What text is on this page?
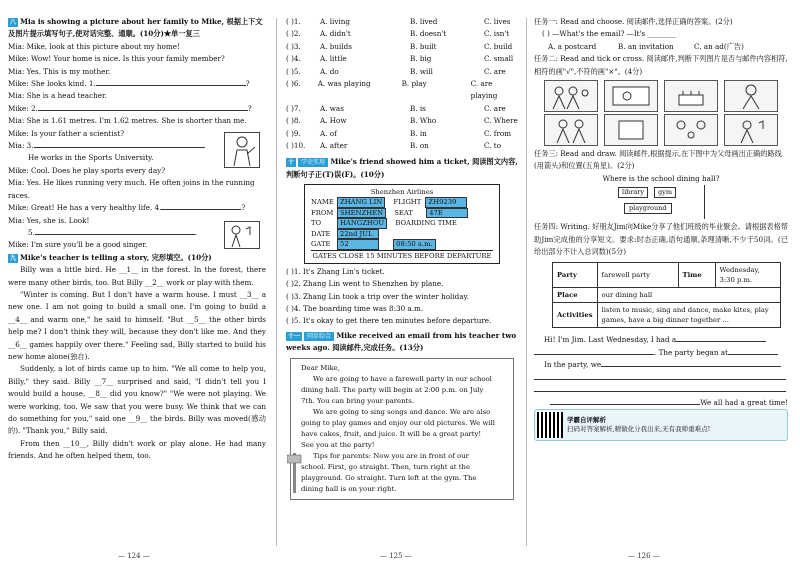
八 Mia is showing a picture about her family to Mike, 根据上下文及图片提示填写句子,使对话完整、通顺。(10分)★单一复三
Mia: Mike, look at this picture about my home!
Mike: Wow! Your home is nice. Is this your family member?
Mia: Yes. This is my mother.
Mike: She looks kind. 1.	?
Mia: She is a head teacher.
Mike: 2.	?
Mia: She is 1.61 metres. I'm 1.62 metres. She is shorter than me.
Mike: Is your father a scientist?
Mia: 3.	.
He works in the Sports University.
Mike: Cool. Does he play sports every day?
Mia: Yes. He likes running very much. He often joins in the running races.
Mike: Great! He has a very healthy life. 4.	?
Mia: Yes, she is. Look!
5.	.
Mike: I'm sure you'll be a good singer.
九 Mike's teacher is telling a story, 完形填空。(10分)
Billy was a little bird. He __1__ in the forest. In the forest, there were many other birds, too. But Billy __2__ work or play with them.
"Winter is coming. But I don't have a warm house. I must __3__ a new one. I am not going to build a small one. I'm going to build a __4__ and warm one," he said to himself. "But __5__ the other birds help me? I don't think they will, because they don't like me. And they __6__ games happily over there." Feeling sad, Billy started to build his new home alone(独自).
Suddenly, a lot of birds came up to him. "We all come to help you, Billy," they said. Billy __7__ surprised and said, "I didn't tell you I would build a house, __8__ did you know?" "We were not playing. We were working, too. We saw that you were busy. We think that we can do something for you," said one __9__ the birds. Billy was moved(感动的). "Thank you," Billy said.
From then __10__, Billy didn't work or play alone. He had many friends. And he often helped them, too.
— 124 —
( )1.	A. living	B. lived	C. lives
( )2.	A. didn't	B. doesn't	C. isn't
( )3.	A. builds	B. built	C. build
( )4.	A. little	B. big	C. small
( )5.	A. do	B. will	C. are
( )6.	A. was playing	B. play	C. are playing
( )7.	A. was	B. is	C. are
( )8.	A. How	B. Who	C. Where
( )9.	A. of	B. in	C. from
( )10.	A. after	B. on	C. to
十 学史实用 Mike's friend showed him a ticket, 阅读图文内容,判断句子正(T)误(F)。(10分)
Shenzhen Airlines
NAME ZHANG LIN FLIGHT ZH9239
FROM SHENZHEN SEAT 47E
TO	HANGZHOU BOARDING TIME
DATE 22nd JUL
GATE 52	08:50 a.m.
GATES CLOSE 15 MINUTES BEFORE DEPARTURE
( )1. It's Zhang Lin's ticket.
( )2. Zhang Lin went to Shenzhen by plane.
( )3. Zhang Lin took a trip over the winter holiday.
( )4. The boarding time was 8:30 a.m.
( )5. It's okay to get there ten minutes before departure.
十一 同步综合 Mike received an email from his teacher two weeks ago. 阅读邮件,完成任务。(13分)
Dear Mike,
We are going to have a farewell party in our school dining hall. The party will begin at 2:00 p.m. on July 7th. You can bring your parents.
We are going to sing songs and dance. We are also going to play games and enjoy our old pictures. We will have cakes, fruit, and juice. It will be a great party! See you at the party!
Tips for parents: Now you are in front of our school. First, go straight. Then, turn right at the playground. Go straight. Turn left at the gym. The dining hall is on your right.
— 125 —
任务一: Read and choose. 阅读邮件,选择正确的答案。(2分)
( ) —What's the email? —It's ________
A. a postcard	B. an invitation	C. an ad(广告)
任务二: Read and tick or cross. 阅读邮件,判断下列图片是否与邮件内容相符,相符的画"√",不符的画"×"。(4分)
任务三: Read and draw. 阅读邮件,根据提示,在下图中为父母画出正确的路线(用箭头)和位置(五角星)。(2分)
Where is the school dining hall?
library	gym
playground
任务四: Writing. 好朋友Jim向Mike分享了他们班级的毕业聚会。请根据表格帮助Jim完成他的分享短文。要求:时态正确,语句通顺,条理清晰,不少于50词。(已给出部分不计入总词数)(5分)
Party	farewell party	Time	Wednesday, 3:30 p.m.
Place	our dining hall		
Activities	listen to music, sing and dance, make kites, play games, have a big dinner together ...		
Hi! I'm Jim. Last Wednesday, I had a
. The party began at
In the party, we
We all had a great time!
学霸自评解析
扫码对答案解析,精做化分我出来,无有我师重难点!
— 126 —
